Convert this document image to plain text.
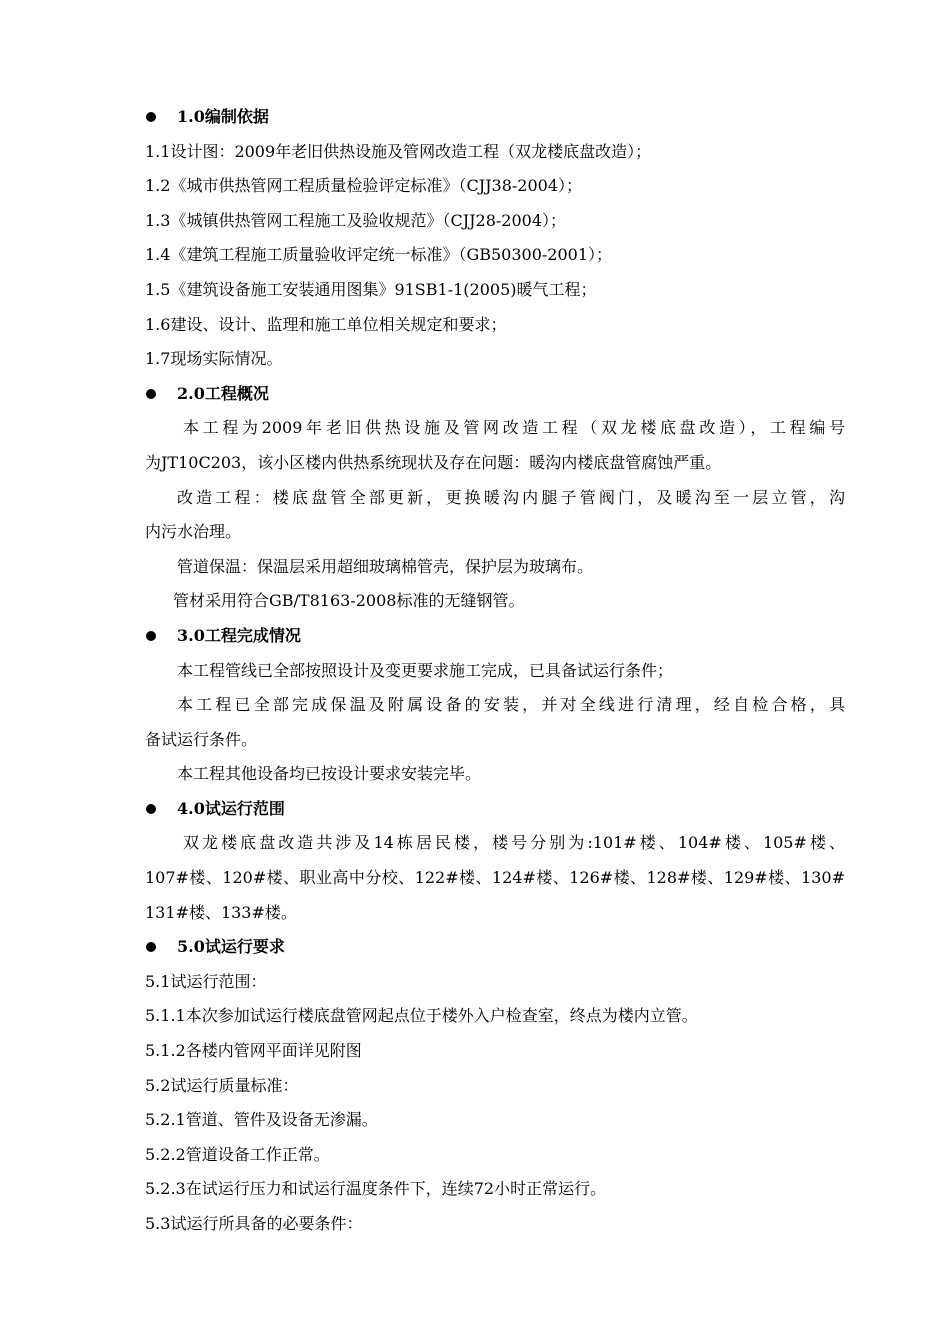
1.0编制依据
1.1设计图：2009年老旧供热设施及管网改造工程（双龙楼底盘改造）；
1.2《城市供热管网工程质量检验评定标准》（CJJ38-2004）；
1.3《城镇供热管网工程施工及验收规范》（CJJ28-2004）；
1.4《建筑工程施工质量验收评定统一标准》（GB50300-2001）；
1.5《建筑设备施工安装通用图集》91SB1-1(2005)暖气工程；
1.6建设、设计、监理和施工单位相关规定和要求；
1.7现场实际情况。
2.0工程概况
本工程为2009年老旧供热设施及管网改造工程（双龙楼底盘改造），工程编号
为JT10C203，该小区楼内供热系统现状及存在问题：暖沟内楼底盘管腐蚀严重。
改造工程：楼底盘管全部更新，更换暖沟内腿子管阀门，及暖沟至一层立管，沟
内污水治理。
管道保温：保温层采用超细玻璃棉管壳，保护层为玻璃布。
管材采用符合GB/T8163-2008标准的无缝钢管。
3.0工程完成情况
本工程管线已全部按照设计及变更要求施工完成，已具备试运行条件；
本工程已全部完成保温及附属设备的安装，并对全线进行清理，经自检合格，具
备试运行条件。
本工程其他设备均已按设计要求安装完毕。
4.0试运行范围
双龙楼底盘改造共涉及14栋居民楼，楼号分别为:101#楼、104#楼、105#楼、
107#楼、120#楼、职业高中分校、122#楼、124#楼、126#楼、128#楼、129#楼、130#
131#楼、133#楼。
5.0试运行要求
5.1试运行范围：
5.1.1本次参加试运行楼底盘管网起点位于楼外入户检查室，终点为楼内立管。
5.1.2各楼内管网平面详见附图
5.2试运行质量标准：
5.2.1管道、管件及设备无渗漏。
5.2.2管道设备工作正常。
5.2.3在试运行压力和试运行温度条件下，连续72小时正常运行。
5.3试运行所具备的必要条件：
